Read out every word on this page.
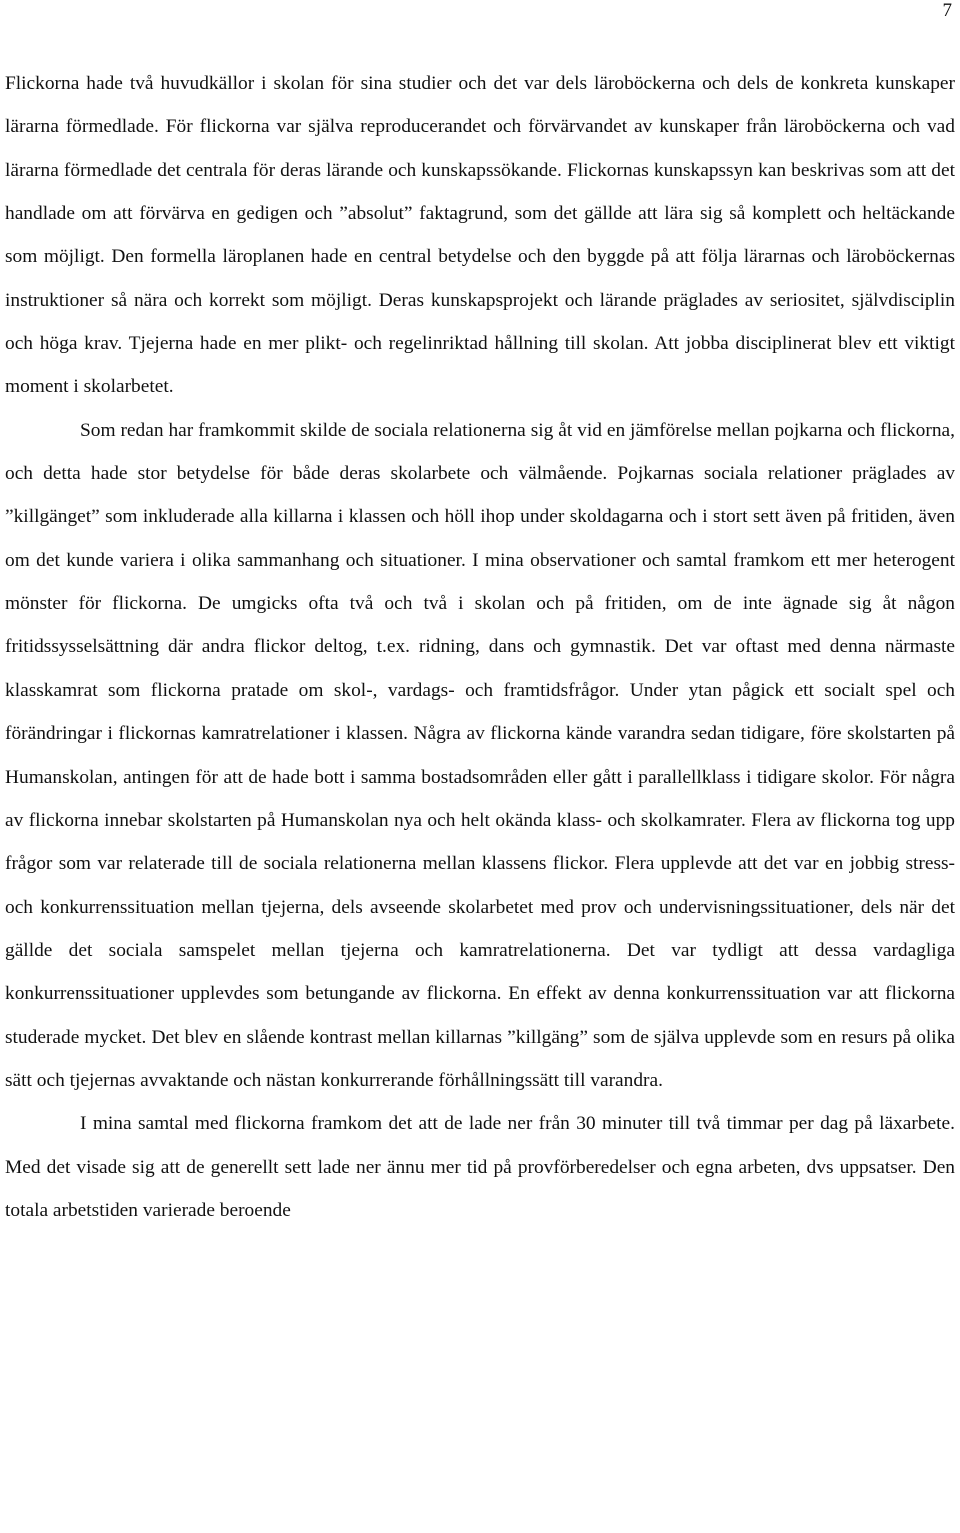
7

Flickorna hade två huvudkällor i skolan för sina studier och det var dels läroböckerna och dels de konkreta kunskaper lärarna förmedlade. För flickorna var själva reproducerandet och förvärvandet av kunskaper från läroböckerna och vad lärarna förmedlade det centrala för deras lärande och kunskapssökande. Flickornas kunskapssyn kan beskrivas som att det handlade om att förvärva en gedigen och ”absolut” faktagrund, som det gällde att lära sig så komplett och heltäckande som möjligt. Den formella läroplanen hade en central betydelse och den byggde på att följa lärarnas och läroböckernas instruktioner så nära och korrekt som möjligt. Deras kunskapsprojekt och lärande präglades av seriositet, självdisciplin och höga krav. Tjejerna hade en mer plikt- och regelinriktad hållning till skolan. Att jobba disciplinerat blev ett viktigt moment i skolarbetet.

Som redan har framkommit skilde de sociala relationerna sig åt vid en jämförelse mellan pojkarna och flickorna, och detta hade stor betydelse för både deras skolarbete och välmående. Pojkarnas sociala relationer präglades av ”killgänget” som inkluderade alla killarna i klassen och höll ihop under skoldagarna och i stort sett även på fritiden, även om det kunde variera i olika sammanhang och situationer. I mina observationer och samtal framkom ett mer heterogent mönster för flickorna. De umgicks ofta två och två i skolan och på fritiden, om de inte ägnade sig åt någon fritidssysselsättning där andra flickor deltog, t.ex. ridning, dans och gymnastik. Det var oftast med denna närmaste klasskamrat som flickorna pratade om skol-, vardags- och framtidsfrågor. Under ytan pågick ett socialt spel och förändringar i flickornas kamratrelationer i klassen. Några av flickorna kände varandra sedan tidigare, före skolstarten på Humanskolan, antingen för att de hade bott i samma bostadsområden eller gått i parallellklass i tidigare skolor. För några av flickorna innebar skolstarten på Humanskolan nya och helt okända klass- och skolkamrater. Flera av flickorna tog upp frågor som var relaterade till de sociala relationerna mellan klassens flickor. Flera upplevde att det var en jobbig stress- och konkurrenssituation mellan tjejerna, dels avseende skolarbetet med prov och undervisningssituationer, dels när det gällde det sociala samspelet mellan tjejerna och kamratrelationerna. Det var tydligt att dessa vardagliga konkurrenssituationer upplevdes som betungande av flickorna. En effekt av denna konkurrenssituation var att flickorna studerade mycket. Det blev en slående kontrast mellan killarnas ”killgäng” som de själva upplevde som en resurs på olika sätt och tjejernas avvaktande och nästan konkurrerande förhållningssätt till varandra.

I mina samtal med flickorna framkom det att de lade ner från 30 minuter till två timmar per dag på läxarbete. Med det visade sig att de generellt sett lade ner ännu mer tid på provförberedelser och egna arbeten, dvs uppsatser. Den totala arbetstiden varierade beroende
